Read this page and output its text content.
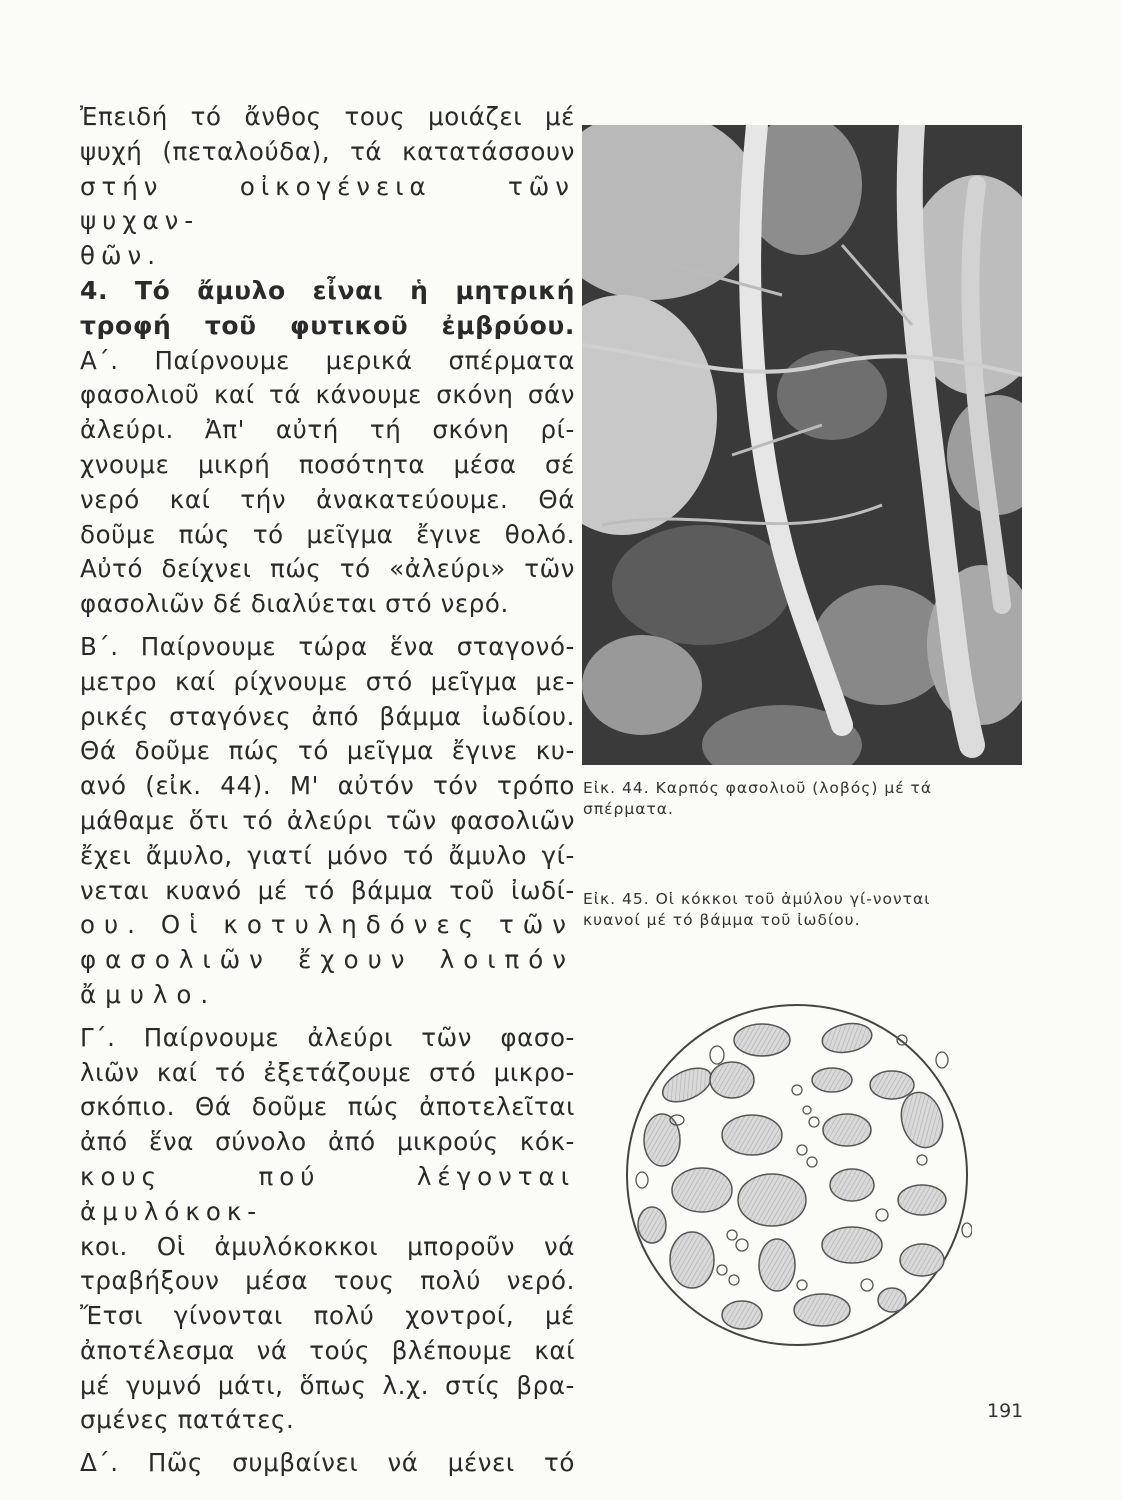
Ἐπειδή τό ἄνθος τους μοιάζει μέ

ψυχή (πεταλούδα), τά κατατάσσουν

στήν οἰκογένεια τῶν ψυχαν-

θῶν.

4. Τό ἄμυλο εἶναι ἡ μητρική

τροφή τοῦ φυτικοῦ ἐμβρύου.

Α΄. Παίρνουμε μερικά σπέρματα

φασολιοῦ καί τά κάνουμε σκόνη σάν

ἀλεύρι. Ἀπ' αὐτή τή σκόνη ρί-

χνουμε μικρή ποσότητα μέσα σέ

νερό καί τήν ἀνακατεύουμε. Θά

δοῦμε πώς τό μεῖγμα ἔγινε θολό.

Αὐτό δείχνει πώς τό «ἀλεύρι» τῶν

φασολιῶν δέ διαλύεται στό νερό.

Β΄. Παίρνουμε τώρα ἕνα σταγονό-

μετρο καί ρίχνουμε στό μεῖγμα με-

ρικές σταγόνες ἀπό βάμμα ἰωδίου.

Θά δοῦμε πώς τό μεῖγμα ἔγινε κυ-

ανό (εἰκ. 44). Μ' αὐτόν τόν τρόπο

μάθαμε ὅτι τό ἀλεύρι τῶν φασολιῶν

ἔχει ἄμυλο, γιατί μόνο τό ἄμυλο γί-

νεται κυανό μέ τό βάμμα τοῦ ἰωδί-

ου. Οἱ κοτυληδόνες τῶν

φασολιῶν ἔχουν λοιπόν

ἄμυλο.

Γ΄. Παίρνουμε ἀλεύρι τῶν φασο-

λιῶν καί τό ἐξετάζουμε στό μικρο-

σκόπιο. Θά δοῦμε πώς ἀποτελεῖται

ἀπό ἕνα σύνολο ἀπό μικρούς κόκ-

κους πού λέγονται ἀμυλόκοκ-

κοι. Οἱ ἀμυλόκοκκοι μποροῦν νά

τραβήξουν μέσα τους πολύ νερό.

Ἔτσι γίνονται πολύ χοντροί, μέ

ἀποτέλεσμα νά τούς βλέπουμε καί

μέ γυμνό μάτι, ὅπως λ.χ. στίς βρα-

σμένες πατάτες.

Δ΄. Πῶς συμβαίνει νά μένει τό

Εἰκ. 44. Καρπός φασολιοῦ (λοβός) μέ τά σπέρματα.
Εἰκ. 45. Οἱ κόκκοι τοῦ ἀμύλου γί-νονται κυανοί μέ τό βάμμα τοῦ ἰωδίου.
191
